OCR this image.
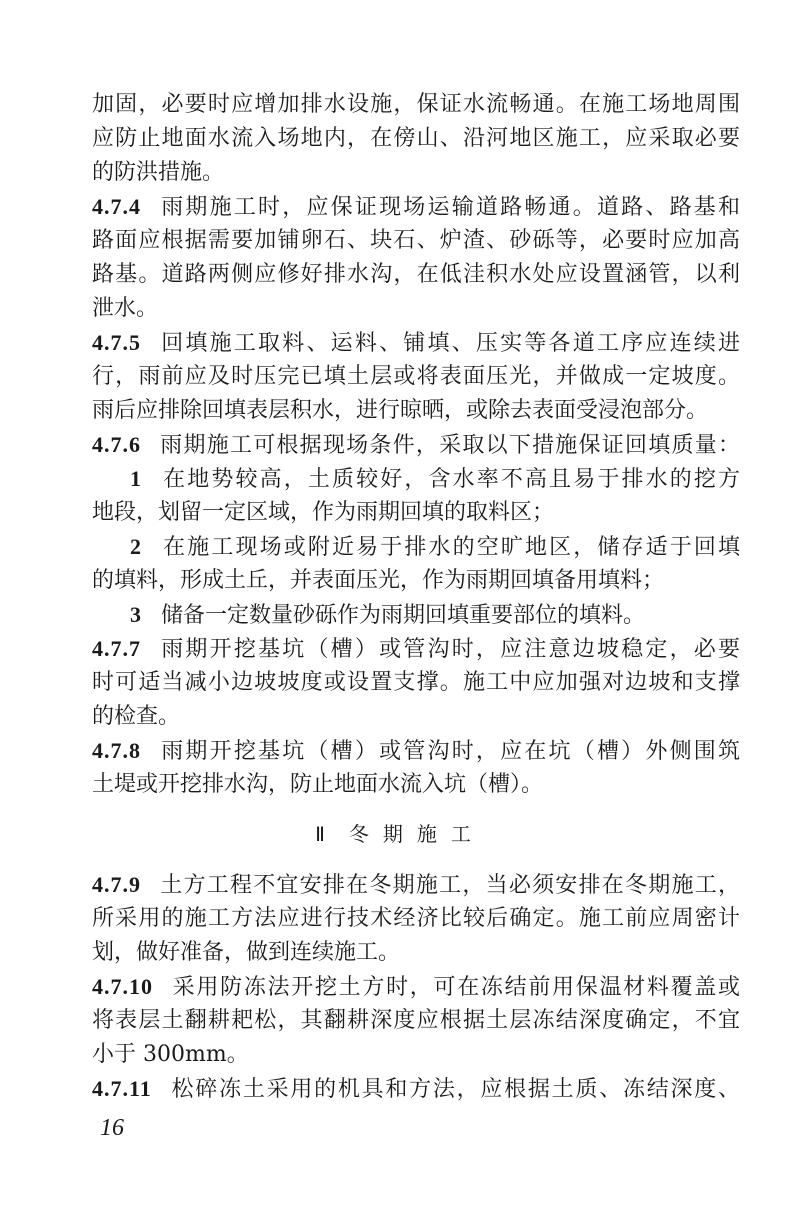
加固，必要时应增加排水设施，保证水流畅通。在施工场地周围
应防止地面水流入场地内，在傍山、沿河地区施工，应采取必要
的防洪措施。
4.7.4 雨期施工时，应保证现场运输道路畅通。道路、路基和
路面应根据需要加铺卵石、块石、炉渣、砂砾等，必要时应加高
路基。道路两侧应修好排水沟，在低洼积水处应设置涵管，以利
泄水。
4.7.5 回填施工取料、运料、铺填、压实等各道工序应连续进
行，雨前应及时压完已填土层或将表面压光，并做成一定坡度。
雨后应排除回填表层积水，进行晾晒，或除去表面受浸泡部分。
4.7.6 雨期施工可根据现场条件，采取以下措施保证回填质量：
1 在地势较高，土质较好，含水率不高且易于排水的挖方
地段，划留一定区域，作为雨期回填的取料区；
2 在施工现场或附近易于排水的空旷地区，储存适于回填
的填料，形成土丘，并表面压光，作为雨期回填备用填料；
3 储备一定数量砂砾作为雨期回填重要部位的填料。
4.7.7 雨期开挖基坑（槽）或管沟时，应注意边坡稳定，必要
时可适当减小边坡坡度或设置支撑。施工中应加强对边坡和支撑
的检查。
4.7.8 雨期开挖基坑（槽）或管沟时，应在坑（槽）外侧围筑
土堤或开挖排水沟，防止地面水流入坑（槽）。
Ⅱ 冬期施工
4.7.9 土方工程不宜安排在冬期施工，当必须安排在冬期施工，
所采用的施工方法应进行技术经济比较后确定。施工前应周密计
划，做好准备，做到连续施工。
4.7.10 采用防冻法开挖土方时，可在冻结前用保温材料覆盖或
将表层土翻耕耙松，其翻耕深度应根据土层冻结深度确定，不宜
小于 300mm。
4.7.11 松碎冻土采用的机具和方法，应根据土质、冻结深度、
16
